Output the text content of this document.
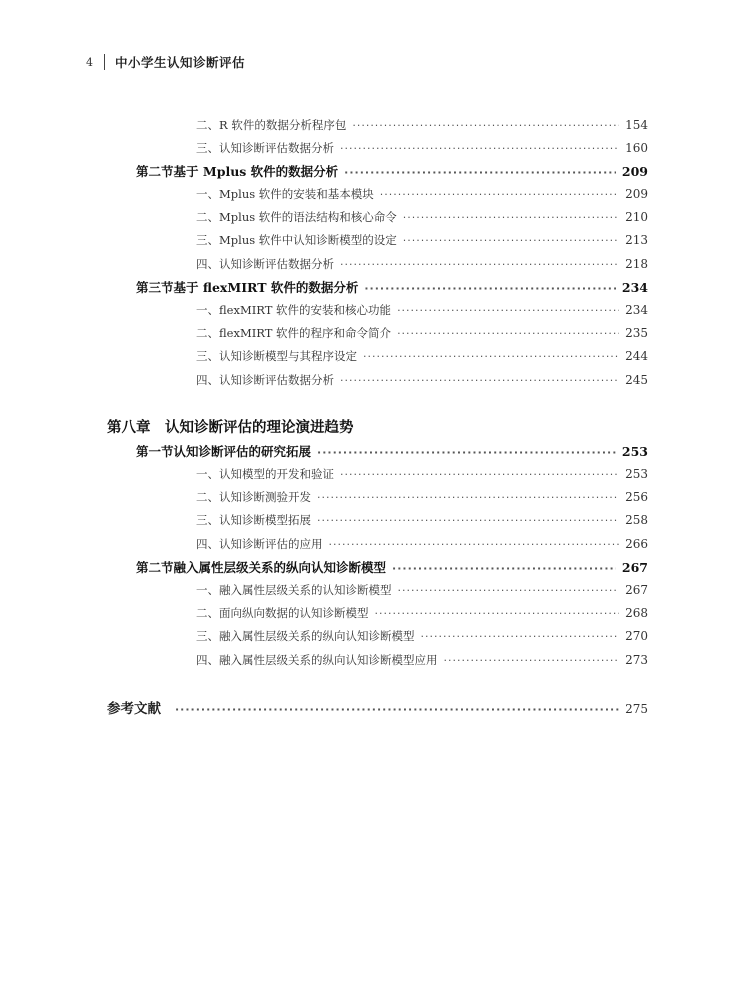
4	中小学生认知诊断评估
二、R 软件的数据分析程序包 ·····	154
三、认知诊断评估数据分析 ·····	160
第二节 基于 Mplus 软件的数据分析 ·····	209
一、Mplus 软件的安装和基本模块 ·····	209
二、Mplus 软件的语法结构和核心命令 ·····	210
三、Mplus 软件中认知诊断模型的设定 ·····	213
四、认知诊断评估数据分析 ·····	218
第三节 基于 flexMIRT 软件的数据分析 ·····	234
一、flexMIRT 软件的安装和核心功能 ·····	234
二、flexMIRT 软件的程序和命令简介 ·····	235
三、认知诊断模型与其程序设定 ·····	244
四、认知诊断评估数据分析 ·····	245
第八章　认知诊断评估的理论演进趋势
第一节 认知诊断评估的研究拓展 ·····	253
一、认知模型的开发和验证 ·····	253
二、认知诊断测验开发 ·····	256
三、认知诊断模型拓展 ·····	258
四、认知诊断评估的应用 ·····	266
第二节 融入属性层级关系的纵向认知诊断模型 ·····	267
一、融入属性层级关系的认知诊断模型 ·····	267
二、面向纵向数据的认知诊断模型 ·····	268
三、融入属性层级关系的纵向认知诊断模型 ·····	270
四、融入属性层级关系的纵向认知诊断模型应用 ·····	273
参考文献 ·····	275
